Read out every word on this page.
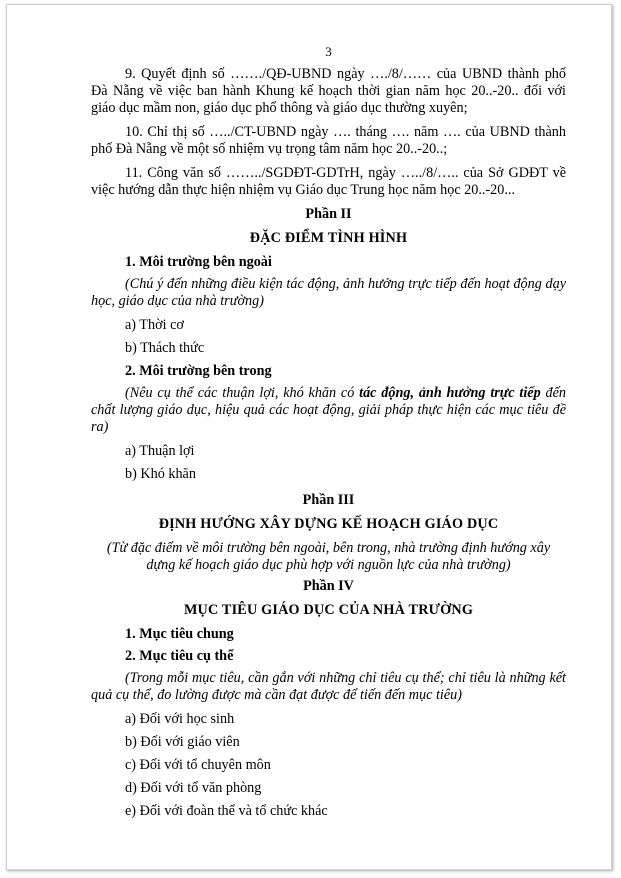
3

9. Quyết định số ……./QĐ-UBND ngày …./8/…… của UBND thành phố Đà Nẵng về việc ban hành Khung kế hoạch thời gian năm học 20..-20.. đối với giáo dục mầm non, giáo dục phổ thông và giáo dục thường xuyên;

10. Chỉ thị số …../CT-UBND ngày …. tháng …. năm …. của UBND thành phố Đà Nẵng về một số nhiệm vụ trọng tâm năm học 20..-20..;

11. Công văn số ……../SGDĐT-GDTrH, ngày …../8/….. của Sở GDĐT về việc hướng dẫn thực hiện nhiệm vụ Giáo dục Trung học năm học 20..-20...

Phần II
ĐẶC ĐIỂM TÌNH HÌNH
1. Môi trường bên ngoài

(Chú ý đến những điều kiện tác động, ảnh hưởng trực tiếp đến hoạt động dạy học, giáo dục của nhà trường)

a) Thời cơ
b) Thách thức
2. Môi trường bên trong

(Nêu cụ thể các thuận lợi, khó khăn có tác động, ảnh hưởng trực tiếp đến chất lượng giáo dục, hiệu quả các hoạt động, giải pháp thực hiện các mục tiêu đề ra)

a) Thuận lợi
b) Khó khăn
Phần III
ĐỊNH HƯỚNG XÂY DỰNG KẾ HOẠCH GIÁO DỤC

(Từ đặc điểm về môi trường bên ngoài, bên trong, nhà trường định hướng xây dựng kế hoạch giáo dục phù hợp với nguồn lực của nhà trường)

Phần IV
MỤC TIÊU GIÁO DỤC CỦA NHÀ TRƯỜNG
1. Mục tiêu chung
2. Mục tiêu cụ thể

(Trong mỗi mục tiêu, cần gắn với những chỉ tiêu cụ thể; chỉ tiêu là những kết quả cụ thể, đo lường được mà cần đạt được để tiến đến mục tiêu)

a) Đối với học sinh
b) Đối với giáo viên
c) Đối với tổ chuyên môn
d) Đối với tổ văn phòng
e) Đối với đoàn thể và tổ chức khác
